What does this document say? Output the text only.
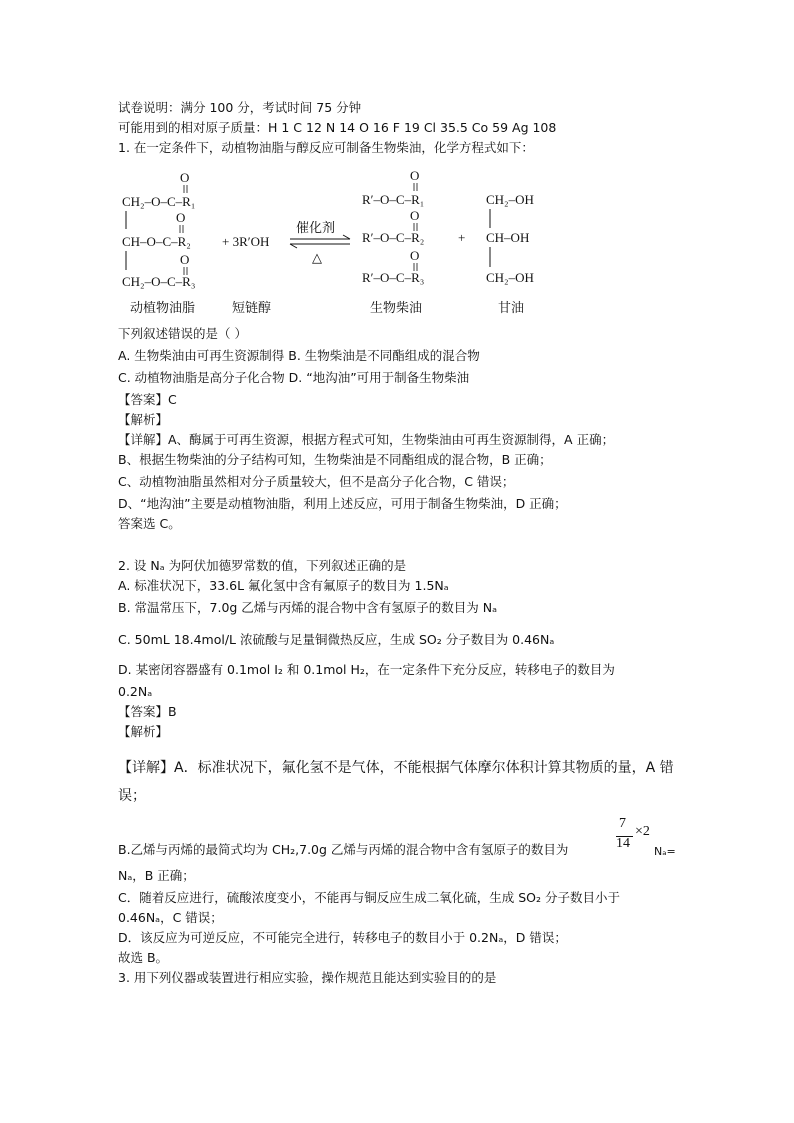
试卷说明：满分 100 分，考试时间 75 分钟
可能用到的相对原子质量：H 1 C 12 N 14 O 16 F 19 Cl 35.5 Co 59 Ag 108
1. 在一定条件下，动植物油脂与醇反应可制备生物柴油，化学方程式如下：
O
CH₂–O–C–R₁
O
CH–O–C–R₂
O
CH₂–O–C–R₃
+ 3R′OH
催化剂
△
O
R′–O–C–R₁
O
R′–O–C–R₂
O
R′–O–C–R₃
+
CH₂–OH
CH–OH
CH₂–OH
动植物油脂	短链醇	生物柴油	甘油
下列叙述错误的是（ ）
A. 生物柴油由可再生资源制得 B. 生物柴油是不同酯组成的混合物
C. 动植物油脂是高分子化合物 D. “地沟油”可用于制备生物柴油
【答案】C
【解析】
【详解】A、酶属于可再生资源，根据方程式可知，生物柴油由可再生资源制得，A 正确；
B、根据生物柴油的分子结构可知，生物柴油是不同酯组成的混合物，B 正确；
C、动植物油脂虽然相对分子质量较大，但不是高分子化合物，C 错误；
D、“地沟油”主要是动植物油脂，利用上述反应，可用于制备生物柴油，D 正确；
答案选 C。
2. 设 Nₐ 为阿伏加德罗常数的值，下列叙述正确的是
A. 标准状况下，33.6L 氟化氢中含有氟原子的数目为 1.5Nₐ
B. 常温常压下，7.0g 乙烯与丙烯的混合物中含有氢原子的数目为 Nₐ
C. 50mL 18.4mol/L 浓硫酸与足量铜微热反应，生成 SO₂ 分子数目为 0.46Nₐ
D. 某密闭容器盛有 0.1mol I₂ 和 0.1mol H₂，在一定条件下充分反应，转移电子的数目为
0.2Nₐ
【答案】B
【解析】
【详解】A．标准状况下，氟化氢不是气体，不能根据气体摩尔体积计算其物质的量，A 错
误；
7
14
×2
B.乙烯与丙烯的最简式均为 CH₂,7.0g 乙烯与丙烯的混合物中含有氢原子的数目为	Nₐ=
Nₐ，B 正确；
C．随着反应进行，硫酸浓度变小，不能再与铜反应生成二氧化硫，生成 SO₂ 分子数目小于
0.46Nₐ，C 错误；
D．该反应为可逆反应，不可能完全进行，转移电子的数目小于 0.2Nₐ，D 错误；
故选 B。
3. 用下列仪器或装置进行相应实验，操作规范且能达到实验目的的是
